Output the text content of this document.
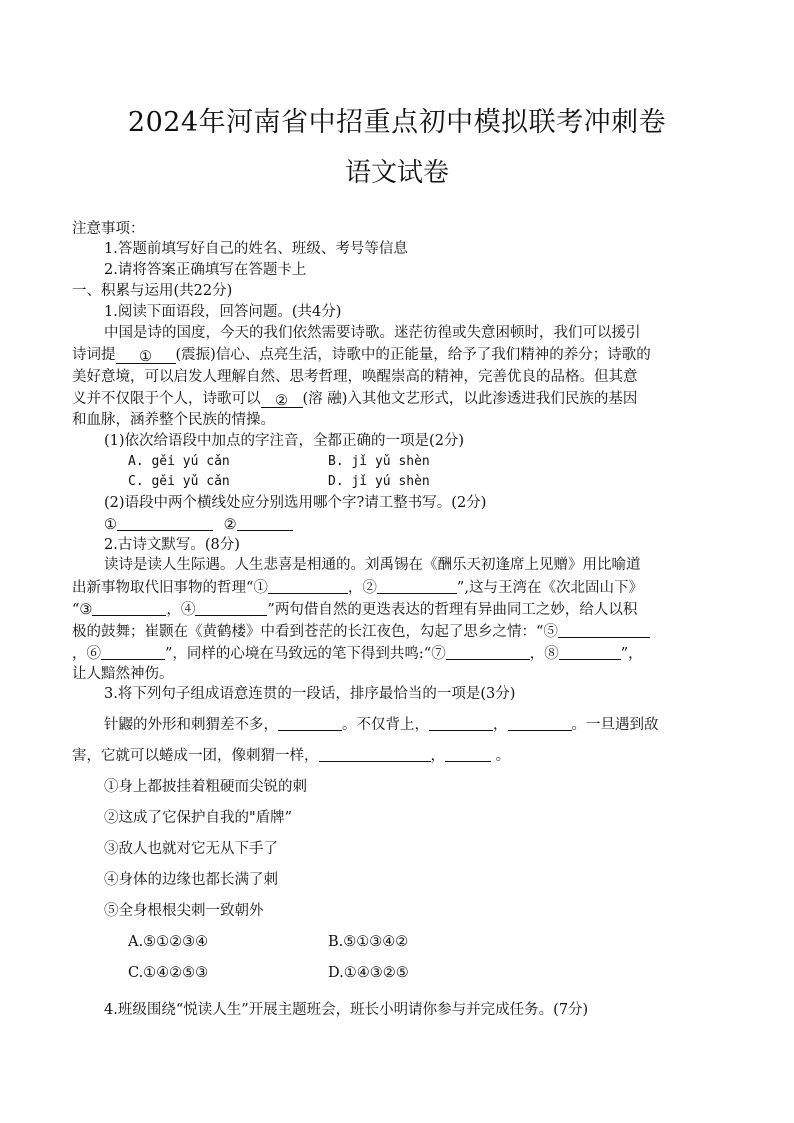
2024年河南省中招重点初中模拟联考冲刺卷
语文试卷
注意事项：
1.答题前填写好自己的姓名、班级、考号等信息
2.请将答案正确填写在答题卡上
一、积累与运用(共22分)
1.阅读下面语段，回答问题。(共4分)
中国是诗的国度，今天的我们依然需要诗歌。迷茫彷徨或失意困顿时，我们可以援引
诗词提 ① (震振)信心、点亮生活，诗歌中的正能量，给予了我们精神的养分；诗歌的
美好意境，可以启发人理解自然、思考哲理，唤醒崇高的精神，完善优良的品格。但其意
义并不仅限于个人，诗歌可以 ② (溶 融)入其他文艺形式，以此渗透进我们民族的基因
和血脉，涵养整个民族的情操。
(1)依次给语段中加点的字注音，全都正确的一项是(2分)
A. gěi yú cǎn	B. jǐ yǔ shèn
C. gěi yǔ cǎn	D. jǐ yú shèn
(2)语段中两个横线处应分别选用哪个字?请工整书写。(2分)
①	②
2.古诗文默写。(8分)
读诗是读人生际遇。人生悲喜是相通的。刘禹锡在《酬乐天初逢席上见赠》用比喻道
出新事物取代旧事物的哲理“①	，②	”,这与王湾在《次北固山下》
“③	，④	”两句借自然的更迭表达的哲理有异曲同工之妙，给人以积
极的鼓舞；崔颢在《黄鹤楼》中看到苍茫的长江夜色，勾起了思乡之情：“⑤
，⑥	”，同样的心境在马致远的笔下得到共鸣:“⑦	，⑧	”，
让人黯然神伤。
3.将下列句子组成语意连贯的一段话，排序最恰当的一项是(3分)
针鼹的外形和刺猬差不多，	。不仅背上，	，	。一旦遇到敌
害，它就可以蜷成一团，像刺猬一样，	，	。
①身上都披挂着粗硬而尖锐的刺
②这成了它保护自我的"盾牌”
③敌人也就对它无从下手了
④身体的边缘也都长满了刺
⑤全身根根尖刺一致朝外
A.⑤①②③④	B.⑤①③④②
C.①④②⑤③	D.①④③②⑤
4.班级围绕“悦读人生”开展主题班会，班长小明请你参与并完成任务。(7分)
